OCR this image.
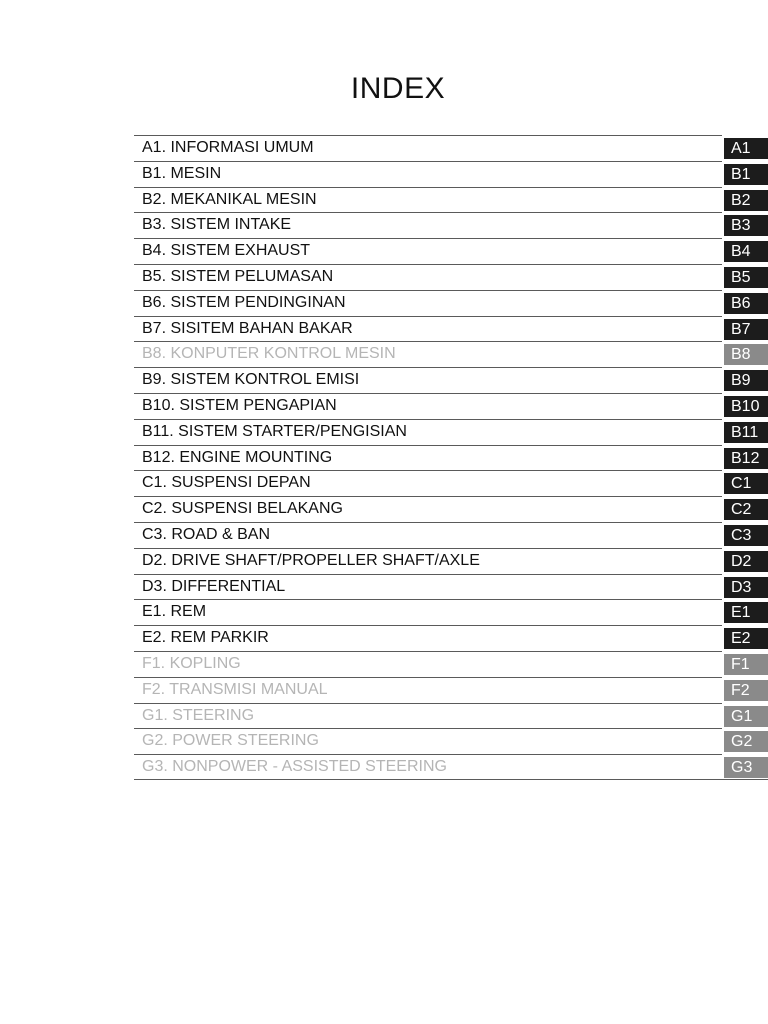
INDEX
A1. INFORMASI UMUM	A1
B1. MESIN	B1
B2. MEKANIKAL MESIN	B2
B3. SISTEM INTAKE	B3
B4. SISTEM EXHAUST	B4
B5. SISTEM PELUMASAN	B5
B6. SISTEM PENDINGINAN	B6
B7. SISITEM BAHAN BAKAR	B7
B8. KONPUTER KONTROL MESIN	B8
B9. SISTEM KONTROL EMISI	B9
B10. SISTEM PENGAPIAN	B10
B11. SISTEM STARTER/PENGISIAN	B11
B12. ENGINE MOUNTING	B12
C1. SUSPENSI DEPAN	C1
C2. SUSPENSI BELAKANG	C2
C3. ROAD & BAN	C3
D2. DRIVE SHAFT/PROPELLER SHAFT/AXLE	D2
D3. DIFFERENTIAL	D3
E1. REM	E1
E2. REM PARKIR	E2
F1. KOPLING	F1
F2. TRANSMISI MANUAL	F2
G1. STEERING	G1
G2. POWER STEERING	G2
G3. NONPOWER - ASSISTED STEERING	G3
